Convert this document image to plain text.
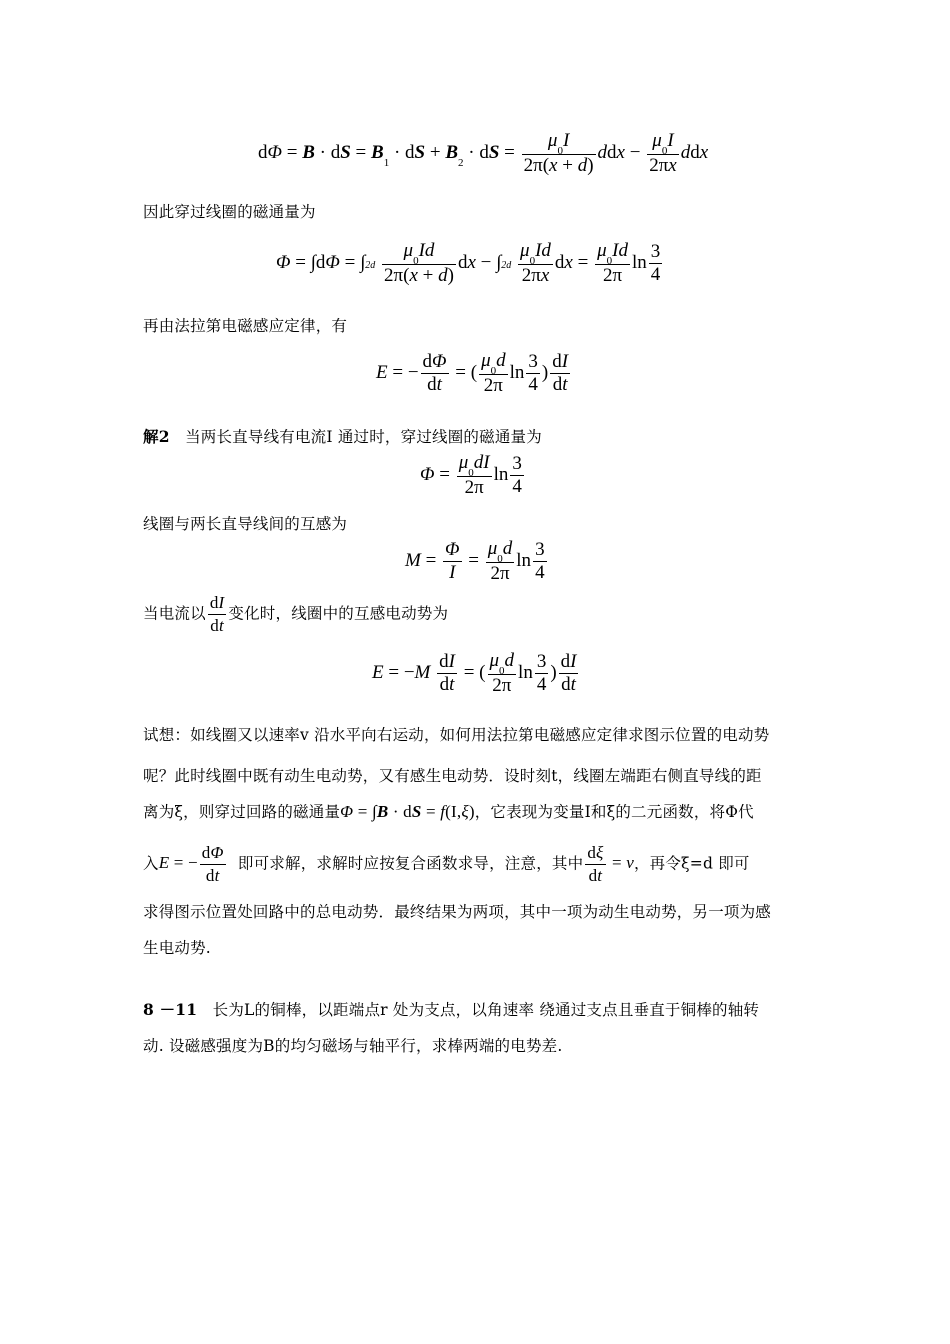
dΦ = B · dS = $B_1$ · dS + $B_2$ · dS = $\frac{\mu_0I}{2\pi(x + d)}$ ddx − $\frac{\mu_0I}{2\pi x}$ ddx
因此穿过线圈的磁通量为
$\Phi = \int d\Phi = \int 2d \frac{\mu_0Id}{2\pi(x + d)}$ dx − $\int 2d \frac{\mu_0Id}{2\pi x}$ dx = $\frac{\mu_0Id}{2\pi}$ $\ln \frac{3}{4}$
再由法拉第电磁感应定律，有
E = − $\frac{d\Phi}{dt}$ = ( $\frac{\mu_0d}{2\pi}$ $\ln \frac{3}{4}$ ) $\frac{dI}{dt}$
解2 当两长直导线有电流I 通过时，穿过线圈的磁通量为
$\Phi = \frac{\mu_0dI}{2\pi}$ $\ln \frac{3}{4}$
线圈与两长直导线间的互感为
$M = \frac{\Phi}{I} = \frac{\mu_0d}{2\pi}$ $\ln \frac{3}{4}$
当电流以 $\frac{dI}{dt}$ 变化时，线圈中的互感电动势为
$E = -M \frac{dI}{dt}$ = ( $\frac{\mu_0d}{2\pi}$ $\ln \frac{3}{4}$ ) $\frac{dI}{dt}$
试想：如线圈又以速率v 沿水平向右运动，如何用法拉第电磁感应定律求图示位置的电动势
呢？此时线圈中既有动生电动势，又有感生电动势．设时刻t，线圈左端距右侧直导线的距
离为ξ，则穿过回路的磁通量Φ = ∫B · dS = f(I,ξ)，它表现为变量I和ξ的二元函数，将Φ代
入E = − $\frac{d\Phi}{dt}$ 即可求解，求解时应按复合函数求导，注意，其中 $\frac{d\xi}{dt} = v$，再令ξ=d 即可
求得图示位置处回路中的总电动势．最终结果为两项，其中一项为动生电动势，另一项为感
生电动势.
8 －11 长为L的铜棒，以距端点r 处为支点，以角速率 绕通过支点且垂直于铜棒的轴转
动. 设磁感强度为B的均匀磁场与轴平行，求棒两端的电势差.
